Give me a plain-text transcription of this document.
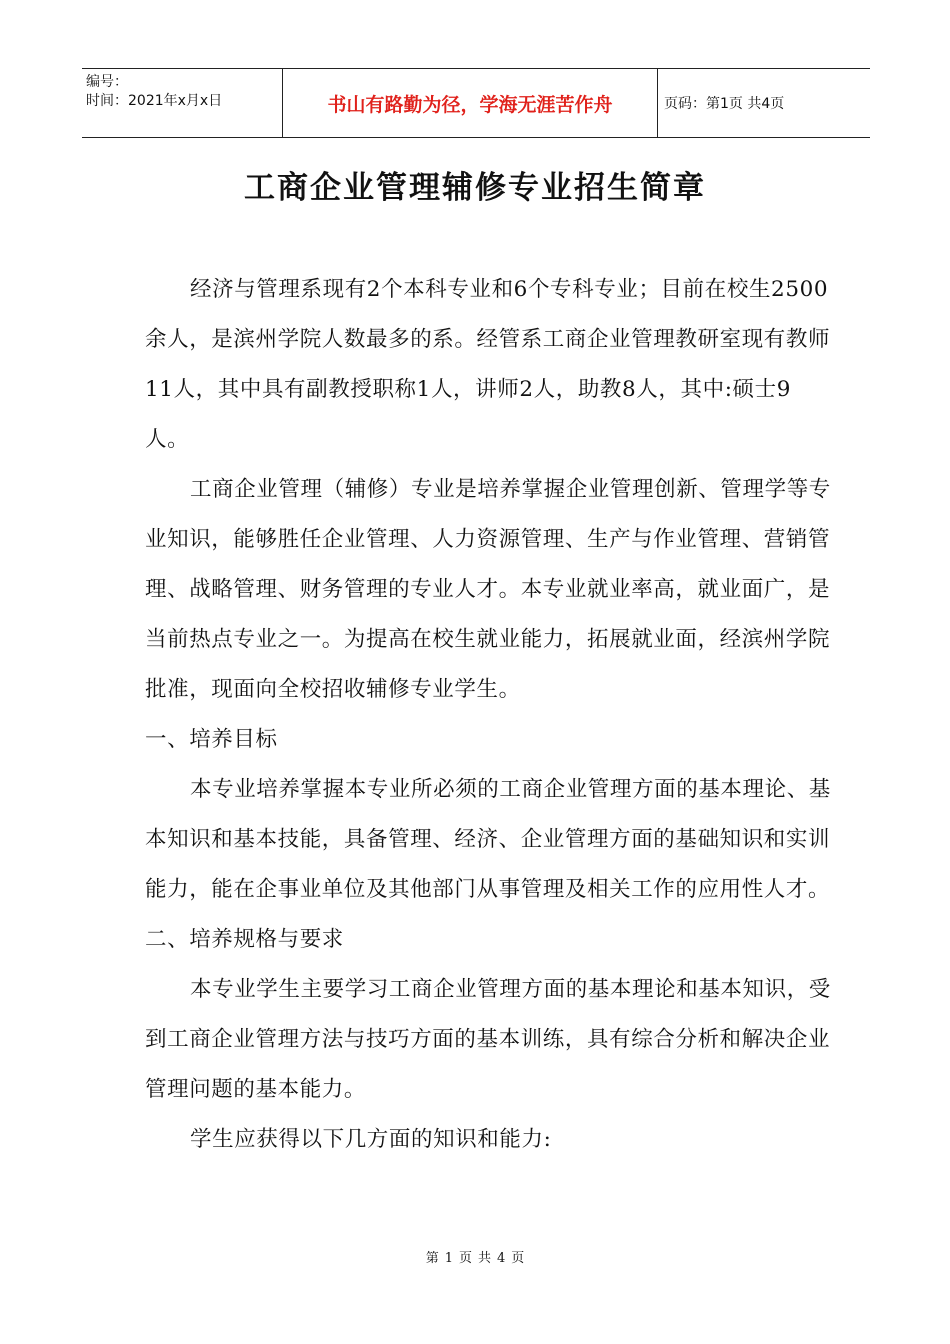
编号：
时间：2021年x月x日	书山有路勤为径，学海无涯苦作舟	页码：第1页 共4页
工商企业管理辅修专业招生简章

经济与管理系现有2个本科专业和6个专科专业；目前在校生2500余人，是滨州学院人数最多的系。经管系工商企业管理教研室现有教师11人，其中具有副教授职称1人，讲师2人，助教8人，其中:硕士9人。

工商企业管理（辅修）专业是培养掌握企业管理创新、管理学等专业知识，能够胜任企业管理、人力资源管理、生产与作业管理、营销管理、战略管理、财务管理的专业人才。本专业就业率高，就业面广，是当前热点专业之一。为提高在校生就业能力，拓展就业面，经滨州学院批准，现面向全校招收辅修专业学生。

一、培养目标

本专业培养掌握本专业所必须的工商企业管理方面的基本理论、基本知识和基本技能，具备管理、经济、企业管理方面的基础知识和实训能力，能在企事业单位及其他部门从事管理及相关工作的应用性人才。

二、培养规格与要求

本专业学生主要学习工商企业管理方面的基本理论和基本知识，受到工商企业管理方法与技巧方面的基本训练，具有综合分析和解决企业管理问题的基本能力。

学生应获得以下几方面的知识和能力:

第 1 页 共 4 页
